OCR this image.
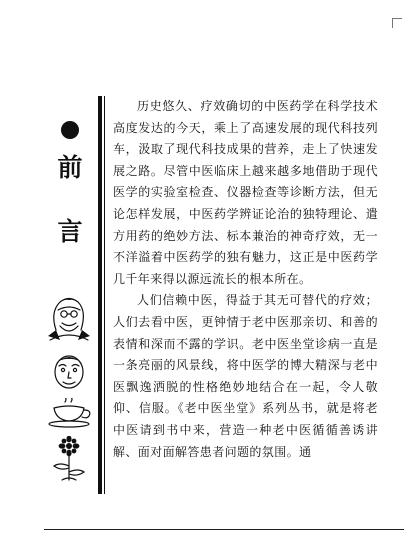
前
言

历史悠久、疗效确切的中医药学在科学技术高度发达的今天，乘上了高速发展的现代科技列车，汲取了现代科技成果的营养，走上了快速发展之路。尽管中医临床上越来越多地借助于现代医学的实验室检查、仪器检查等诊断方法，但无论怎样发展，中医药学辨证论治的独特理论、遣方用药的绝妙方法、标本兼治的神奇疗效，无一不洋溢着中医药学的独有魅力，这正是中医药学几千年来得以源远流长的根本所在。

人们信赖中医，得益于其无可替代的疗效；人们去看中医，更钟情于老中医那亲切、和善的表情和深而不露的学识。老中医坐堂诊病一直是一条亮丽的风景线，将中医学的博大精深与老中医飘逸洒脱的性格绝妙地结合在一起，令人敬仰、信服。《老中医坐堂》系列丛书，就是将老中医请到书中来，营造一种老中医循循善诱讲解、面对面解答患者问题的氛围。通
